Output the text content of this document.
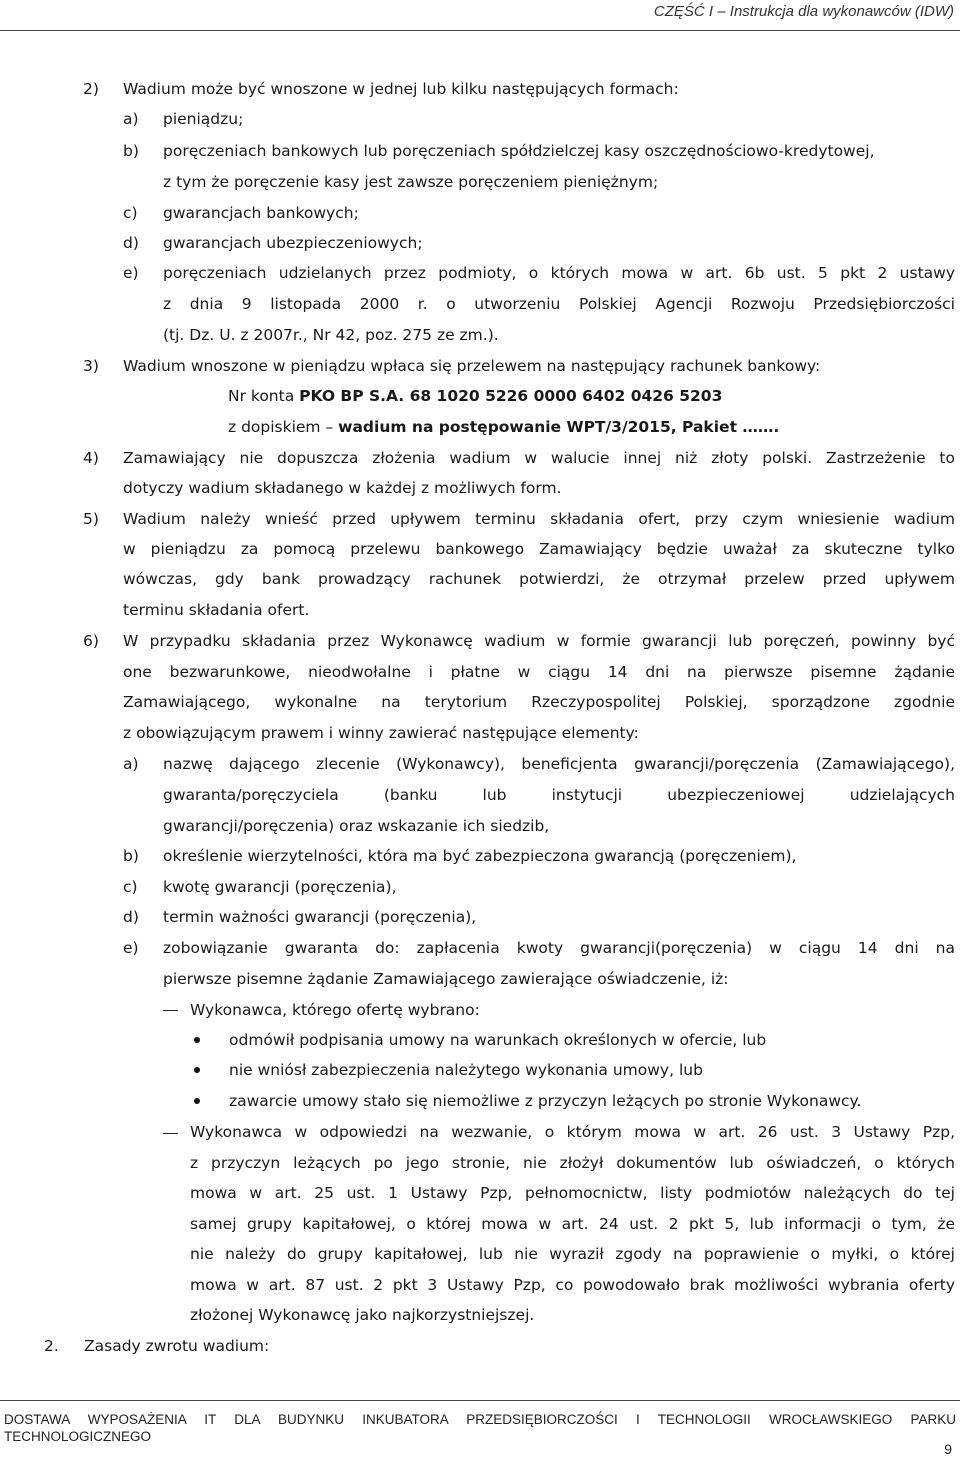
CZĘŚĆ I – Instrukcja dla wykonawców (IDW)
2) Wadium może być wnoszone w jednej lub kilku następujących formach:
a) pieniądzu;
b) poręczeniach bankowych lub poręczeniach spółdzielczej kasy oszczędnościowo-kredytowej,
z tym że poręczenie kasy jest zawsze poręczeniem pieniężnym;
c) gwarancjach bankowych;
d) gwarancjach ubezpieczeniowych;
e) poręczeniach udzielanych przez podmioty, o których mowa w art. 6b ust. 5 pkt 2 ustawy
z dnia 9 listopada 2000 r. o utworzeniu Polskiej Agencji Rozwoju Przedsiębiorczości
(tj. Dz. U. z 2007r., Nr 42, poz. 275 ze zm.).
3) Wadium wnoszone w pieniądzu wpłaca się przelewem na następujący rachunek bankowy:
Nr konta PKO BP S.A. 68 1020 5226 0000 6402 0426 5203
z dopiskiem – wadium na postępowanie WPT/3/2015, Pakiet …….
4) Zamawiający nie dopuszcza złożenia wadium w walucie innej niż złoty polski. Zastrzeżenie to
dotyczy wadium składanego w każdej z możliwych form.
5) Wadium należy wnieść przed upływem terminu składania ofert, przy czym wniesienie wadium
w pieniądzu za pomocą przelewu bankowego Zamawiający będzie uważał za skuteczne tylko
wówczas, gdy bank prowadzący rachunek potwierdzi, że otrzymał przelew przed upływem
terminu składania ofert.
6) W przypadku składania przez Wykonawcę wadium w formie gwarancji lub poręczeń, powinny być
one bezwarunkowe, nieodwołalne i płatne w ciągu 14 dni na pierwsze pisemne żądanie
Zamawiającego, wykonalne na terytorium Rzeczypospolitej Polskiej, sporządzone zgodnie
z obowiązującym prawem i winny zawierać następujące elementy:
a) nazwę dającego zlecenie (Wykonawcy), beneficjenta gwarancji/poręczenia (Zamawiającego),
gwaranta/poręczyciela (banku lub instytucji ubezpieczeniowej udzielających
gwarancji/poręczenia) oraz wskazanie ich siedzib,
b) określenie wierzytelności, która ma być zabezpieczona gwarancją (poręczeniem),
c) kwotę gwarancji (poręczenia),
d) termin ważności gwarancji (poręczenia),
e) zobowiązanie gwaranta do: zapłacenia kwoty gwarancji(poręczenia) w ciągu 14 dni na
pierwsze pisemne żądanie Zamawiającego zawierające oświadczenie, iż:
Wykonawca, którego ofertę wybrano:
odmówił podpisania umowy na warunkach określonych w ofercie, lub
nie wniósł zabezpieczenia należytego wykonania umowy, lub
zawarcie umowy stało się niemożliwe z przyczyn leżących po stronie Wykonawcy.
Wykonawca w odpowiedzi na wezwanie, o którym mowa w art. 26 ust. 3 Ustawy Pzp,
z przyczyn leżących po jego stronie, nie złożył dokumentów lub oświadczeń, o których
mowa w art. 25 ust. 1 Ustawy Pzp, pełnomocnictw, listy podmiotów należących do tej
samej grupy kapitałowej, o której mowa w art. 24 ust. 2 pkt 5, lub informacji o tym, że
nie należy do grupy kapitałowej, lub nie wyraził zgody na poprawienie o myłki, o której
mowa w art. 87 ust. 2 pkt 3 Ustawy Pzp, co powodowało brak możliwości wybrania oferty
złożonej Wykonawcę jako najkorzystniejszej.
2. Zasady zwrotu wadium:
DOSTAWA WYPOSAŻENIA IT DLA BUDYNKU INKUBATORA PRZEDSIĘBIORCZOŚCI I TECHNOLOGII WROCŁAWSKIEGO PARKU
TECHNOLOGICZNEGO
9
